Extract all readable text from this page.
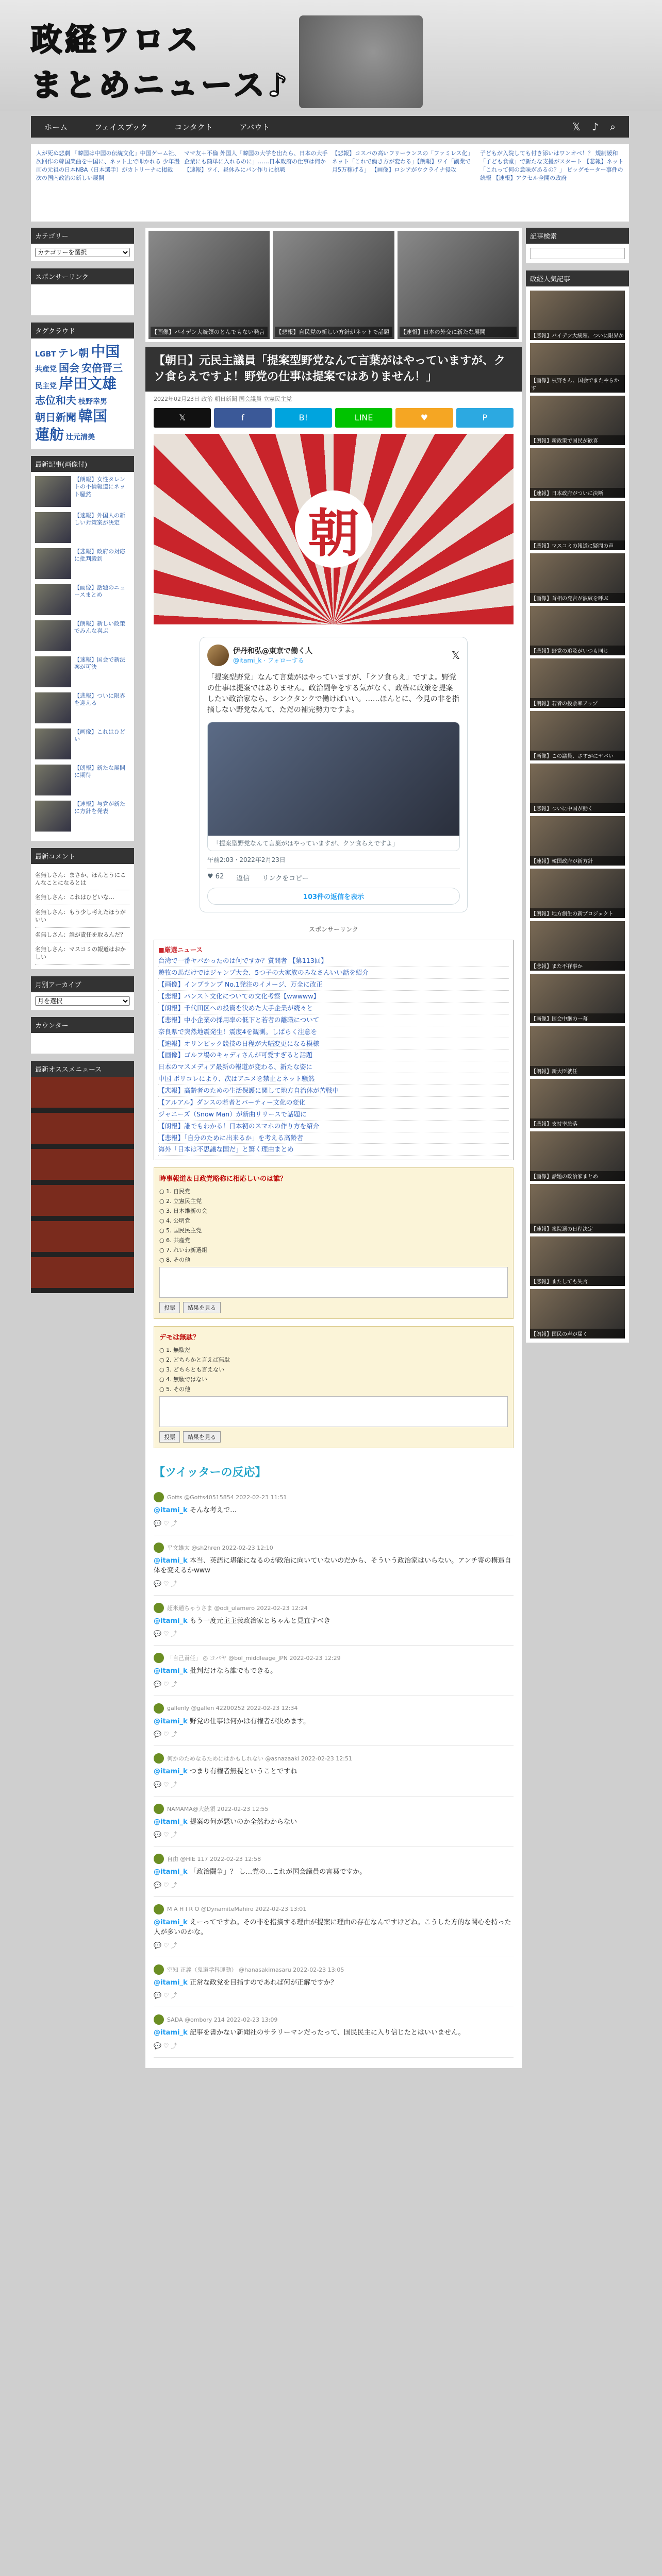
政経ワロス
まとめニュース♪
ホーム	フェイスブック	コンタクト	アバウト	𝕏 ♪ ⌕
人が死ぬ悲劇 「韓国は中国の伝統文化」中国ゲーム社、次回作の韓国楽曲を中国に、ネット上で叩かれる 少年漫画の元祖の日本NBA（日本選手）がカトリーナに掲載 次の国内政治の新しい展開
ママ友＋不倫 外国人「韓国の大学を出たら、日本の大手企業にも簡単に入れるのに」……日本政府の仕事は何か 【速報】ワイ、昼休みにパン作りに挑戦
【悲報】コスパの高いフリーランスの「ファミレス化」 ネット「これで働き方が変わる」【朗報】ワイ「副業で月5万稼げる」 【画像】ロシアがウクライナ侵攻
子どもが入院しても付き添いはワンオペ！？ 規制緩和「子ども食堂」で新たな支援がスタート 【悲報】ネット「これって何の意味があるの？」 ビッグモーター事件の続報 【速報】アクセル全開の政府
カテゴリー
カテゴリーを選択
スポンサーリンク
タグクラウド
LGBT テレ朝 中国共産党 国会 安倍晋三民主党 岸田文雄志位和夫 枝野幸男朝日新聞 韓国蓮舫 辻元清美
最新記事(画像付)
【朗報】女性タレントの不倫報道にネット騒然
【速報】外国人の新しい対策案が決定
【悲報】政府の対応に批判殺到
【画像】話題のニュースまとめ
【朗報】新しい政策でみんな喜ぶ
【速報】国会で新法案が可決
【悲報】ついに限界を迎える
【画像】これはひどい
【朗報】新たな展開に期待
【速報】与党が新たに方針を発表
最新コメント
名無しさん：まさか、ほんとうにこんなことになるとは
名無しさん：これはひどいな…
名無しさん：もう少し考えたほうがいい
名無しさん：誰が責任を取るんだ？
名無しさん：マスコミの報道はおかしい
月別アーカイブ
月を選択
カウンター
最新オススメニュース
【画像】バイデン大統領のとんでもない発言	【悲報】自民党の新しい方針がネットで話題	【速報】日本の外交に新たな展開
【朝日】元民主議員「提案型野党なんて言葉がはやっていますが、クソ食らえですよ！野党の仕事は提案ではありません！」
2022年02月23日 政治 朝日新聞 国会議員 立憲民主党
𝕏	f	B!	LINE	♥	P
朝
伊丹和弘@東京で働く人
@itami_k · フォローする	𝕏
「提案型野党」なんて言葉がはやっていますが、「クソ食らえ」ですよ。野党の仕事は提案ではありません。政治闘争をする気がなく、政権に政策を提案したい政治家なら、シンクタンクで働けばいい。……ほんとに、今見の非を指摘しない野党なんて、ただの補完勢力ですよ。
「提案型野党なんて言葉がはやっていますが、クソ食らえですよ」
午前2:03 · 2022年2月23日
♥ 62 返信 リンクをコピー
103件の返信を表示
スポンサーリンク
■厳選ニュース
台湾で一番ヤバかったのは何ですか？質問者 【第113回】
遊牧の馬だけではジャンプ大会、5つ子の大家族のみなさんいい話を紹介
【画像】インプランプ No.1発注のイメージ、万全に改正
【悲報】パンスト文化についての文化考察【wwwww】
【朗報】千代田区への投資を決めた大手企業が続々と
【悲報】中小企業の採用率の低下と若者の離職について
奈良県で突然地震発生！震度4を観測。しばらく注意を
【速報】オリンピック競技の日程が大幅変更になる模様
【画像】ゴルフ場のキャディさんが可愛すぎると話題
日本のマスメディア最新の報道が変わる、新たな姿に
中国 ポリコレにより、次はアニメを禁止とネット騒然
【悲報】高齢者のための生活保護に関して地方自治体が苦戦中
【アルアル】ダンスの若者とパーティー文化の変化
ジャニーズ（Snow Man）が新曲リリースで話題に
【朗報】誰でもわかる！日本初のスマホの作り方を紹介
【悲報】「自分のために出来るか」を考える高齢者
海外「日本は不思議な国だ」と驚く理由まとめ
時事報道＆日政党略称に相応しいのは誰？
○ 1. 自民党
○ 2. 立憲民主党
○ 3. 日本維新の会
○ 4. 公明党
○ 5. 国民民主党
○ 6. 共産党
○ 7. れいわ新選組
○ 8. その他
投票	結果を見る
デモは無駄？
○ 1. 無駄だ
○ 2. どちらかと言えば無駄
○ 3. どちらとも言えない
○ 4. 無駄ではない
○ 5. その他
投票	結果を見る
【ツイッターの反応】
Gotts @Gotts40515854 2022-02-23 11:51
@itami_k そんな考えで…
💬 ♡ ⤴
平文雄太 @sh2hren 2022-02-23 12:10
@itami_k 本当、英語に堪能になるのが政治に向いていないのだから、そういう政治家はいらない。アンチ寄の構造自体を変えるかwww
💬 ♡ ⤴
超米通ちゃうさま @odi_ulamero 2022-02-23 12:24
@itami_k もう一度元主主義政治家とちゃんと見直すべき
💬 ♡ ⤴
「自己責任」 ◎ コバヤ @bol_middleage_JPN 2022-02-23 12:29
@itami_k 批判だけなら誰でもできる。
💬 ♡ ⤴
gallenly @gallen 42200252 2022-02-23 12:34
@itami_k 野党の仕事は何かは有権者が決めます。
💬 ♡ ⤴
何かのためなるためにはかもしれない @asnazaaki 2022-02-23 12:51
@itami_k つまり有権者無視ということですね
💬 ♡ ⤴
NAMAMA@大統領 2022-02-23 12:55
@itami_k 提案の何が悪いのか全然わからない
💬 ♡ ⤴
自由 @HIE 117 2022-02-23 12:58
@itami_k 「政治闘争」？ し…党の…これが国会議員の言葉ですか。
💬 ♡ ⤴
M A H I R O @DynamiteMahiro 2022-02-23 13:01
@itami_k えーってですね。その非を指摘する理由が提案に理由の存在なんですけどね。こうした方的な関心を持った人が多いのかな。
💬 ♡ ⤴
空知 正義（鬼道学科運動） @hanasakimasaru 2022-02-23 13:05
@itami_k 正常な政党を目指すのであれば何が正解ですか？
💬 ♡ ⤴
SADA @ombory 214 2022-02-23 13:09
@itami_k 記事を書かない新聞社のサラリーマンだったって、国民民主に入り信じたとはいいません。
💬 ♡ ⤴
記事検索
政経人気記事
【悲報】バイデン大統領、ついに限界か
【画像】枝野さん、国会でまたやらかす
【朗報】新政策で国民が歓喜
【速報】日本政府がついに決断
【悲報】マスコミの報道に疑問の声
【画像】首相の発言が波紋を呼ぶ
【悲報】野党の追及がいつも同じ
【朗報】若者の投票率アップ
【画像】この議員、さすがにヤバい
【悲報】ついに中国が動く
【速報】韓国政府が新方針
【朗報】地方創生の新プロジェクト
【悲報】また不祥事か
【画像】国会中継の一幕
【朗報】新大臣就任
【悲報】支持率急落
【画像】話題の政治家まとめ
【速報】衆院選の日程決定
【悲報】またしても失言
【朗報】国民の声が届く
